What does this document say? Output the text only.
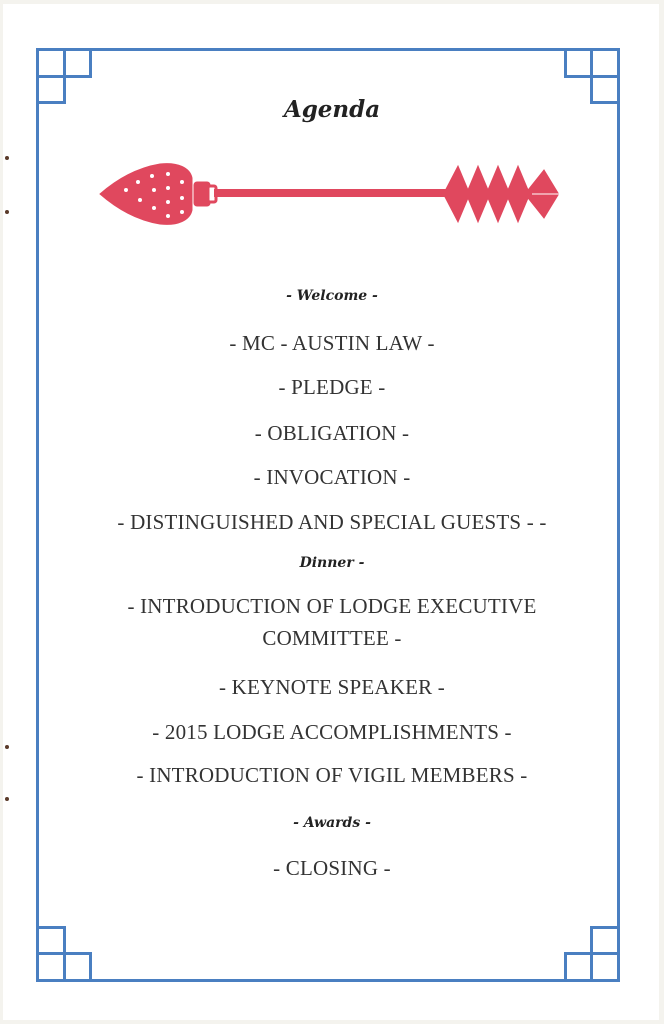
Agenda
- Welcome -
- MC - AUSTIN LAW -
- PLEDGE -
- OBLIGATION -
- INVOCATION -
- DISTINGUISHED AND SPECIAL GUESTS - -
Dinner -
- INTRODUCTION OF LODGE EXECUTIVE
COMMITTEE -
- KEYNOTE SPEAKER -
- 2015 LODGE ACCOMPLISHMENTS -
- INTRODUCTION OF VIGIL MEMBERS -
- Awards -
- CLOSING -
